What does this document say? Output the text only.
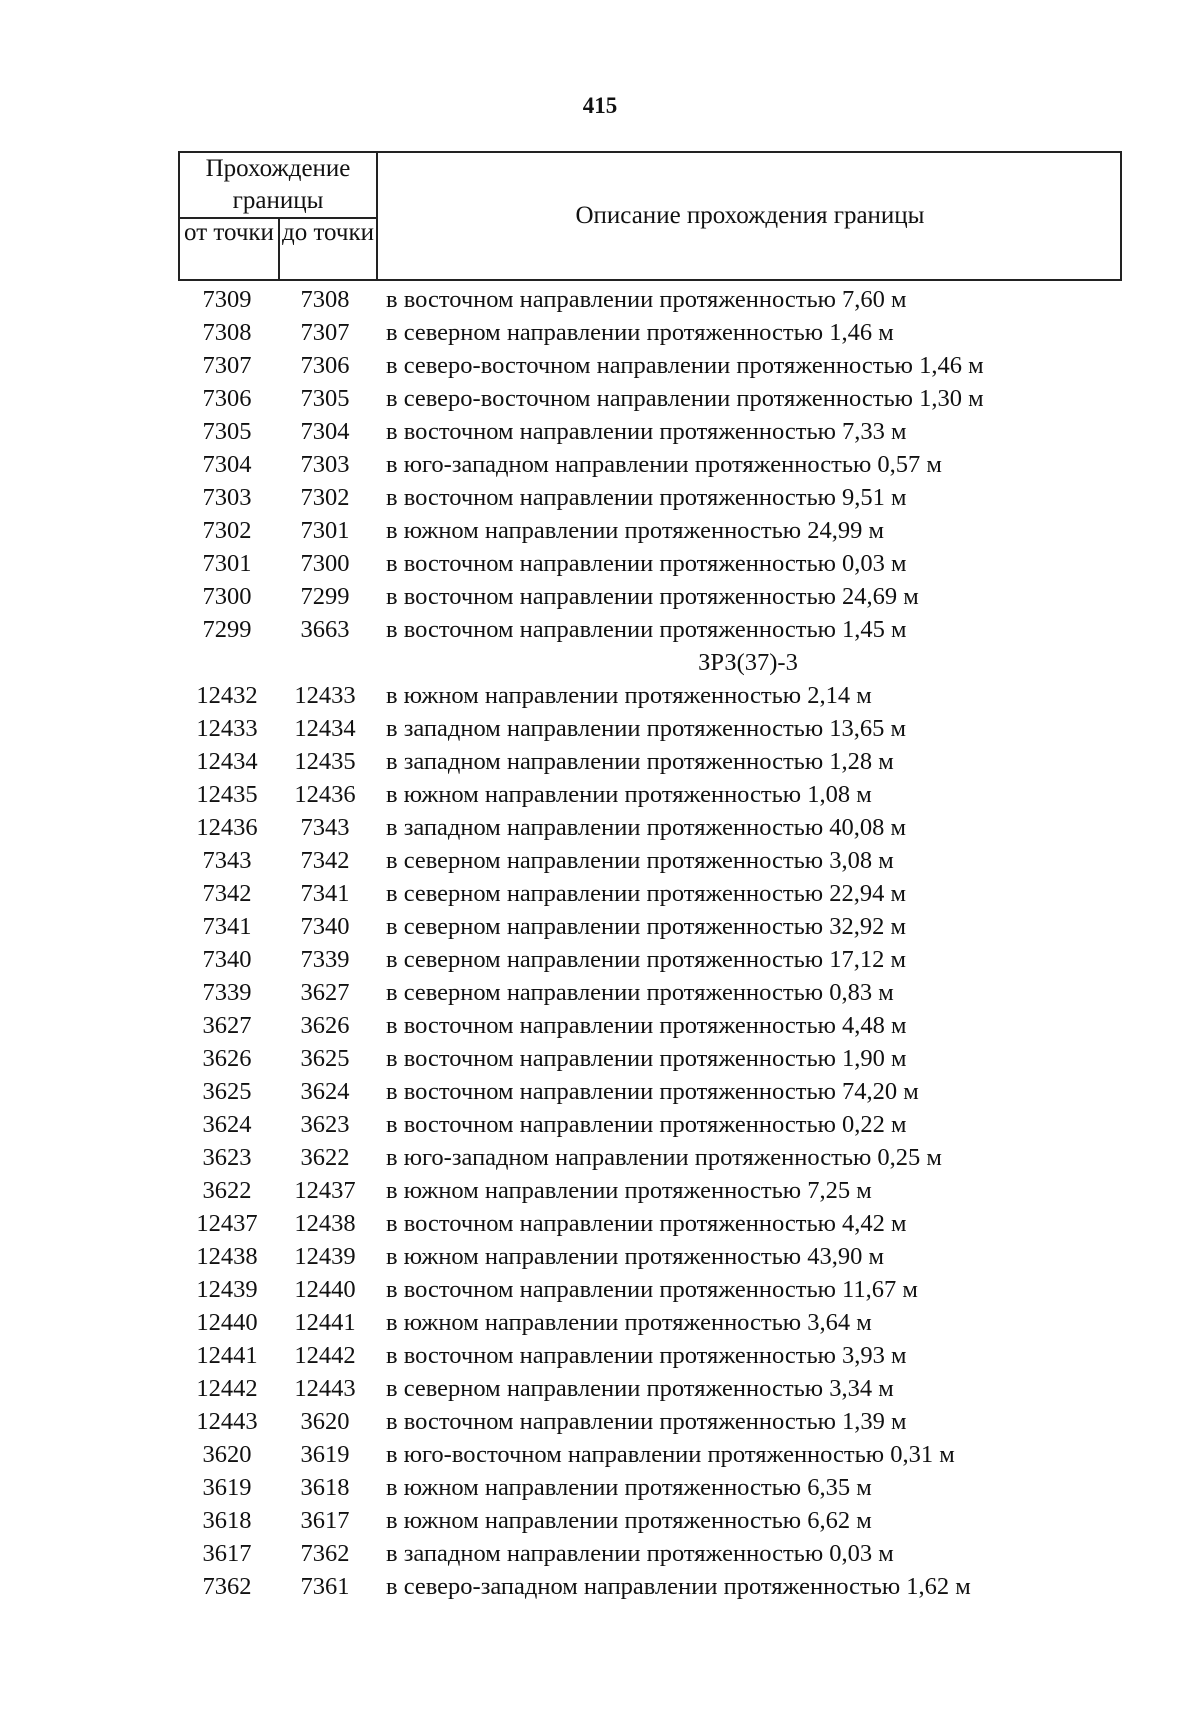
415
Прохождение границы
от точки до точки
Описание прохождения границы
7309	7308	в восточном направлении протяженностью 7,60 м
7308	7307	в северном направлении протяженностью 1,46 м
7307	7306	в северо-восточном направлении протяженностью 1,46 м
7306	7305	в северо-восточном направлении протяженностью 1,30 м
7305	7304	в восточном направлении протяженностью 7,33 м
7304	7303	в юго-западном направлении протяженностью 0,57 м
7303	7302	в восточном направлении протяженностью 9,51 м
7302	7301	в южном направлении протяженностью 24,99 м
7301	7300	в восточном направлении протяженностью 0,03 м
7300	7299	в восточном направлении протяженностью 24,69 м
7299	3663	в восточном направлении протяженностью 1,45 м
ЗРЗ(37)-3
12432	12433	в южном направлении протяженностью 2,14 м
12433	12434	в западном направлении протяженностью 13,65 м
12434	12435	в западном направлении протяженностью 1,28 м
12435	12436	в южном направлении протяженностью 1,08 м
12436	7343	в западном направлении протяженностью 40,08 м
7343	7342	в северном направлении протяженностью 3,08 м
7342	7341	в северном направлении протяженностью 22,94 м
7341	7340	в северном направлении протяженностью 32,92 м
7340	7339	в северном направлении протяженностью 17,12 м
7339	3627	в северном направлении протяженностью 0,83 м
3627	3626	в восточном направлении протяженностью 4,48 м
3626	3625	в восточном направлении протяженностью 1,90 м
3625	3624	в восточном направлении протяженностью 74,20 м
3624	3623	в восточном направлении протяженностью 0,22 м
3623	3622	в юго-западном направлении протяженностью 0,25 м
3622	12437	в южном направлении протяженностью 7,25 м
12437	12438	в восточном направлении протяженностью 4,42 м
12438	12439	в южном направлении протяженностью 43,90 м
12439	12440	в восточном направлении протяженностью 11,67 м
12440	12441	в южном направлении протяженностью 3,64 м
12441	12442	в восточном направлении протяженностью 3,93 м
12442	12443	в северном направлении протяженностью 3,34 м
12443	3620	в восточном направлении протяженностью 1,39 м
3620	3619	в юго-восточном направлении протяженностью 0,31 м
3619	3618	в южном направлении протяженностью 6,35 м
3618	3617	в южном направлении протяженностью 6,62 м
3617	7362	в западном направлении протяженностью 0,03 м
7362	7361	в северо-западном направлении протяженностью 1,62 м
